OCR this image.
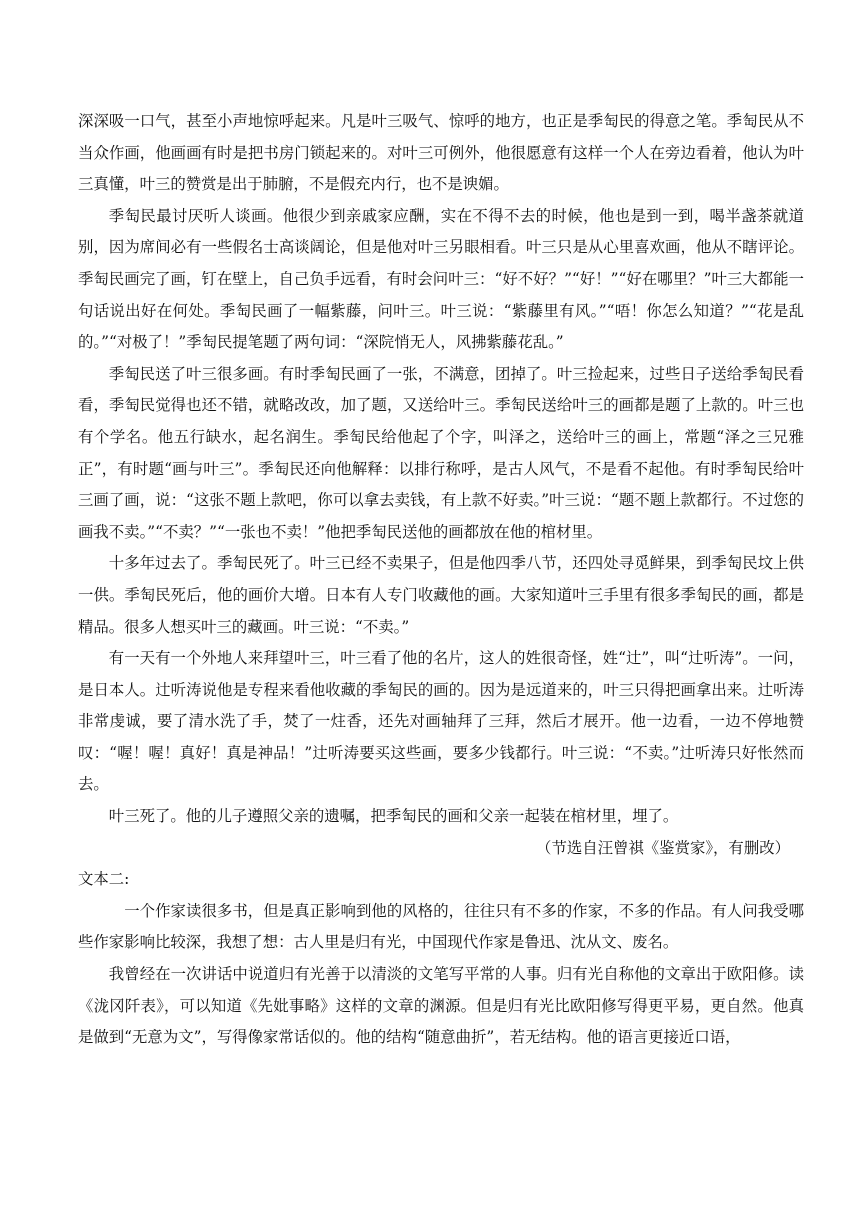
深深吸一口气，甚至小声地惊呼起来。凡是叶三吸气、惊呼的地方，也正是季匋民的得意之笔。季匋民从不当众作画，他画画有时是把书房门锁起来的。对叶三可例外，他很愿意有这样一个人在旁边看着，他认为叶三真懂，叶三的赞赏是出于肺腑，不是假充内行，也不是谀媚。

季匋民最讨厌听人谈画。他很少到亲戚家应酬，实在不得不去的时候，他也是到一到，喝半盏茶就道别，因为席间必有一些假名士高谈阔论，但是他对叶三另眼相看。叶三只是从心里喜欢画，他从不瞎评论。季匋民画完了画，钉在壁上，自己负手远看，有时会问叶三：“好不好？”“好！”“好在哪里？”叶三大都能一句话说出好在何处。季匋民画了一幅紫藤，问叶三。叶三说：“紫藤里有风。”“唔！你怎么知道？”“花是乱的。”“对极了！”季匋民提笔题了两句词：“深院悄无人，风拂紫藤花乱。”

季匋民送了叶三很多画。有时季匋民画了一张，不满意，团掉了。叶三捡起来，过些日子送给季匋民看看，季匋民觉得也还不错，就略改改，加了题，又送给叶三。季匋民送给叶三的画都是题了上款的。叶三也有个学名。他五行缺水，起名润生。季匋民给他起了个字，叫泽之，送给叶三的画上，常题“泽之三兄雅正”，有时题“画与叶三”。季匋民还向他解释：以排行称呼，是古人风气，不是看不起他。有时季匋民给叶三画了画，说：“这张不题上款吧，你可以拿去卖钱，有上款不好卖。”叶三说：“题不题上款都行。不过您的画我不卖。”“不卖？”“一张也不卖！”他把季匋民送他的画都放在他的棺材里。

十多年过去了。季匋民死了。叶三已经不卖果子，但是他四季八节，还四处寻觅鲜果，到季匋民坟上供一供。季匋民死后，他的画价大增。日本有人专门收藏他的画。大家知道叶三手里有很多季匋民的画，都是精品。很多人想买叶三的藏画。叶三说：“不卖。”

有一天有一个外地人来拜望叶三，叶三看了他的名片，这人的姓很奇怪，姓“辻”，叫“辻听涛”。一问，是日本人。辻听涛说他是专程来看他收藏的季匋民的画的。因为是远道来的，叶三只得把画拿出来。辻听涛非常虔诚，要了清水洗了手，焚了一炷香，还先对画轴拜了三拜，然后才展开。他一边看，一边不停地赞叹：“喔！喔！真好！真是神品！”辻听涛要买这些画，要多少钱都行。叶三说：“不卖。”辻听涛只好怅然而去。

叶三死了。他的儿子遵照父亲的遗嘱，把季匋民的画和父亲一起装在棺材里，埋了。

（节选自汪曾祺《鉴赏家》，有删改）

文本二:

一个作家读很多书，但是真正影响到他的风格的，往往只有不多的作家，不多的作品。有人问我受哪些作家影响比较深，我想了想：古人里是归有光，中国现代作家是鲁迅、沈从文、废名。

我曾经在一次讲话中说道归有光善于以清淡的文笔写平常的人事。归有光自称他的文章出于欧阳修。读《泷冈阡表》，可以知道《先妣事略》这样的文章的渊源。但是归有光比欧阳修写得更平易，更自然。他真是做到“无意为文”，写得像家常话似的。他的结构“随意曲折”，若无结构。他的语言更接近口语，
